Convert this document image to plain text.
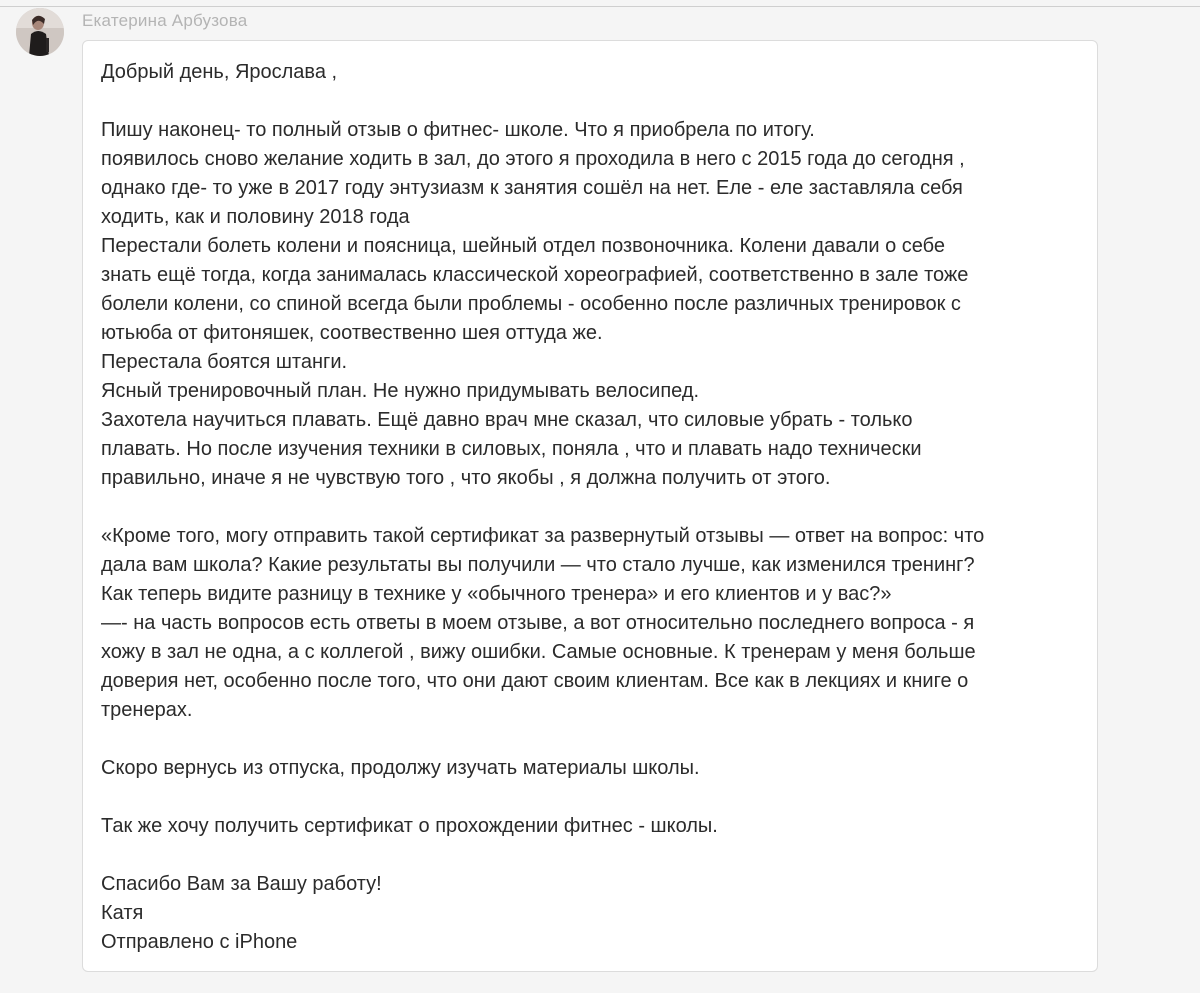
Екатерина Арбузова
Добрый день, Ярослава ,
Пишу наконец- то полный отзыв о фитнес- школе. Что я приобрела по итогу.
появилось сново желание ходить в зал, до этого я проходила в него с 2015 года до сегодня ,
однако где- то уже в 2017 году энтузиазм к занятия сошёл на нет. Еле - еле заставляла себя
ходить, как и половину 2018 года
Перестали болеть колени и поясница, шейный отдел позвоночника. Колени давали о себе
знать ещё тогда, когда занималась классической хореографией, соответственно в зале тоже
болели колени, со спиной всегда были проблемы - особенно после различных тренировок с
ютьюба от фитоняшек, соотвественно шея оттуда же.
Перестала боятся штанги.
Ясный тренировочный план. Не нужно придумывать велосипед.
Захотела научиться плавать. Ещё давно врач мне сказал, что силовые убрать - только
плавать. Но после изучения техники в силовых, поняла , что и плавать надо технически
правильно, иначе я не чувствую того , что якобы , я должна получить от этого.
«Кроме того, могу отправить такой сертификат за развернутый отзывы — ответ на вопрос: что
дала вам школа? Какие результаты вы получили — что стало лучше, как изменился тренинг?
Как теперь видите разницу в технике у «обычного тренера» и его клиентов и у вас?»
—- на часть вопросов есть ответы в моем отзыве, а вот относительно последнего вопроса - я
хожу в зал не одна, а с коллегой , вижу ошибки. Самые основные. К тренерам у меня больше
доверия нет, особенно после того, что они дают своим клиентам. Все как в лекциях и книге о
тренерах.
Скоро вернусь из отпуска, продолжу изучать материалы школы.
Так же хочу получить сертификат о прохождении фитнес - школы.
Спасибо Вам за Вашу работу!
Катя
Отправлено с iPhone
